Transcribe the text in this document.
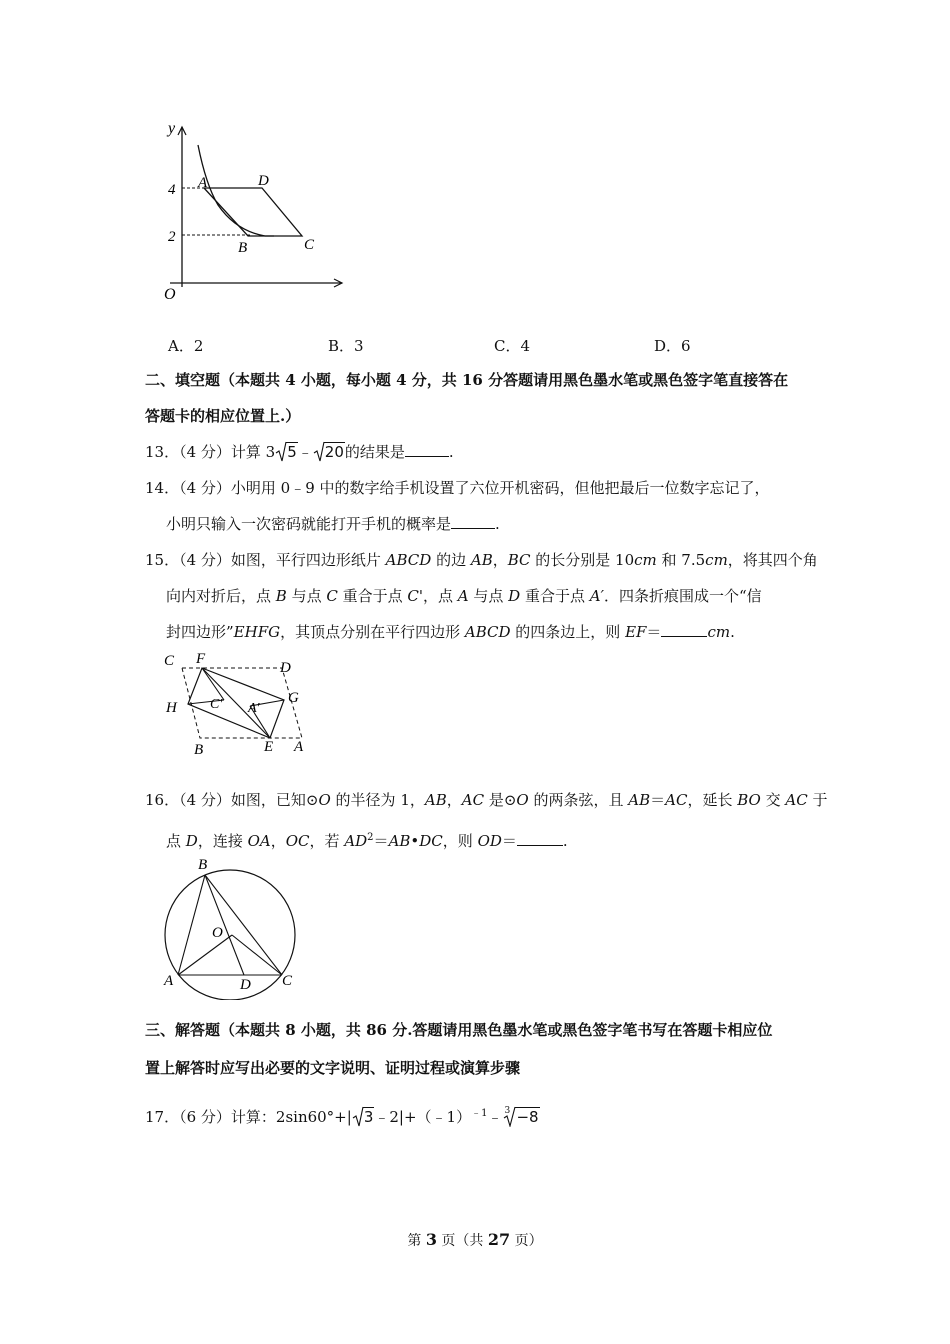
y
O
4
2
A	D
B	C
A．2	B．3	C．4	D．6
二、填空题（本题共 4 小题，每小题 4 分，共 16 分答题请用黑色墨水笔或黑色签字笔直接答在
答题卡的相应位置上.）
13．（4 分）计算 3 5﹣ 20的结果是	.
14．（4 分）小明用 0﹣9 中的数字给手机设置了六位开机密码，但他把最后一位数字忘记了，
小明只输入一次密码就能打开手机的概率是	.
15．（4 分）如图，平行四边形纸片 ABCD 的边 AB，BC 的长分别是 10cm 和 7.5cm，将其四个角
向内对折后，点 B 与点 C 重合于点 C'，点 A 与点 D 重合于点 A′．四条折痕围成一个“信
封四边形”EHFG，其顶点分别在平行四边形 ABCD 的四条边上，则 EF＝	cm.
C F
D
H C' A'
G
B	E A
16．（4 分）如图，已知⊙O 的半径为 1，AB，AC 是⊙O 的两条弦，且 AB＝AC，延长 BO 交 AC 于
点 D，连接 OA，OC，若 $AD^2=AB•DC$，则 OD＝	.
B
O
A	D C
三、解答题（本题共 8 小题，共 86 分.答题请用黑色墨水笔或黑色签字笔书写在答题卡相应位
置上解答时应写出必要的文字说明、证明过程或演算步骤
17．（6 分）计算：2sin60°+| 3﹣2|+（﹣1）$^{﹣1}$﹣ 3 −8
第 3 页（共 27 页）
